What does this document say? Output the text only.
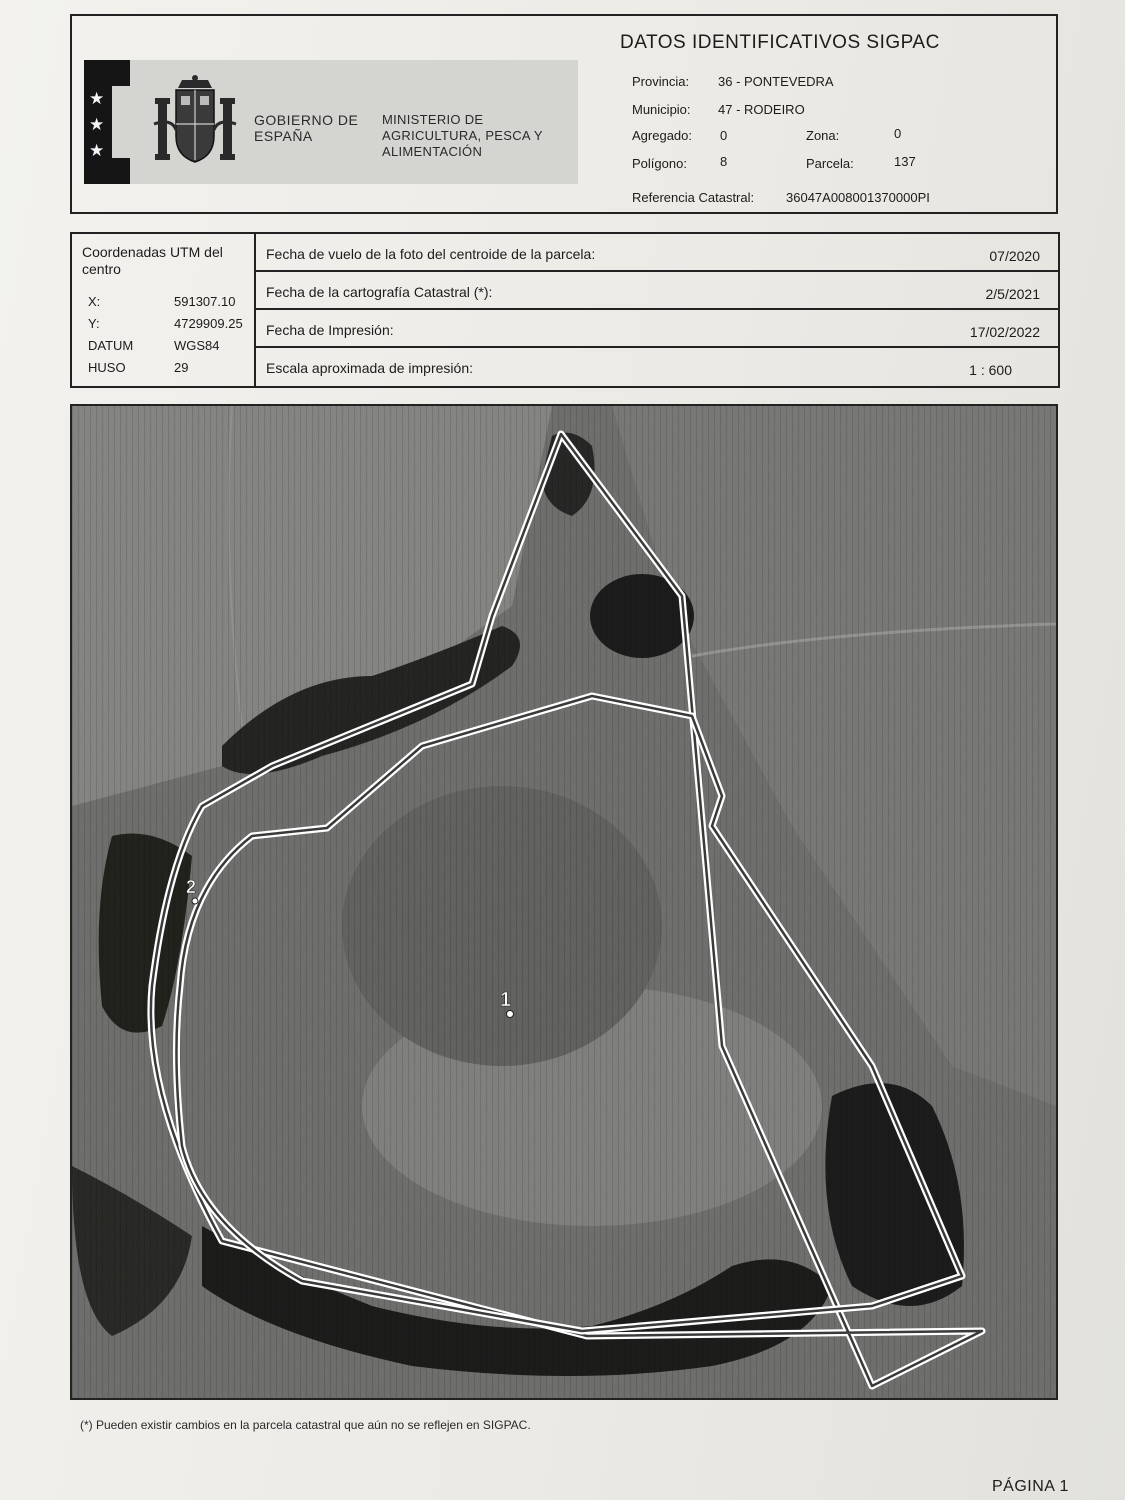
★
★
★
GOBIERNO DE ESPAÑA
MINISTERIO DE AGRICULTURA, PESCA Y ALIMENTACIÓN
DATOS IDENTIFICATIVOS SIGPAC
Provincia: 36 - PONTEVEDRA
Municipio: 47 - RODEIRO
Agregado: 0	Zona:	0
Polígono:	8	Parcela:	137
Referencia Catastral: 36047A008001370000PI
Coordenadas UTM del centro
X:	591307.10
Y:	4729909.25
DATUM	WGS84
HUSO	29
Fecha de vuelo de la foto del centroide de la parcela:	07/2020
Fecha de la cartografía Catastral (*):	2/5/2021
Fecha de Impresión:	17/02/2022
Escala aproximada de impresión:	1 : 600
1
2
(*) Pueden existir cambios en la parcela catastral que aún no se reflejen en SIGPAC.
PÁGINA 1
